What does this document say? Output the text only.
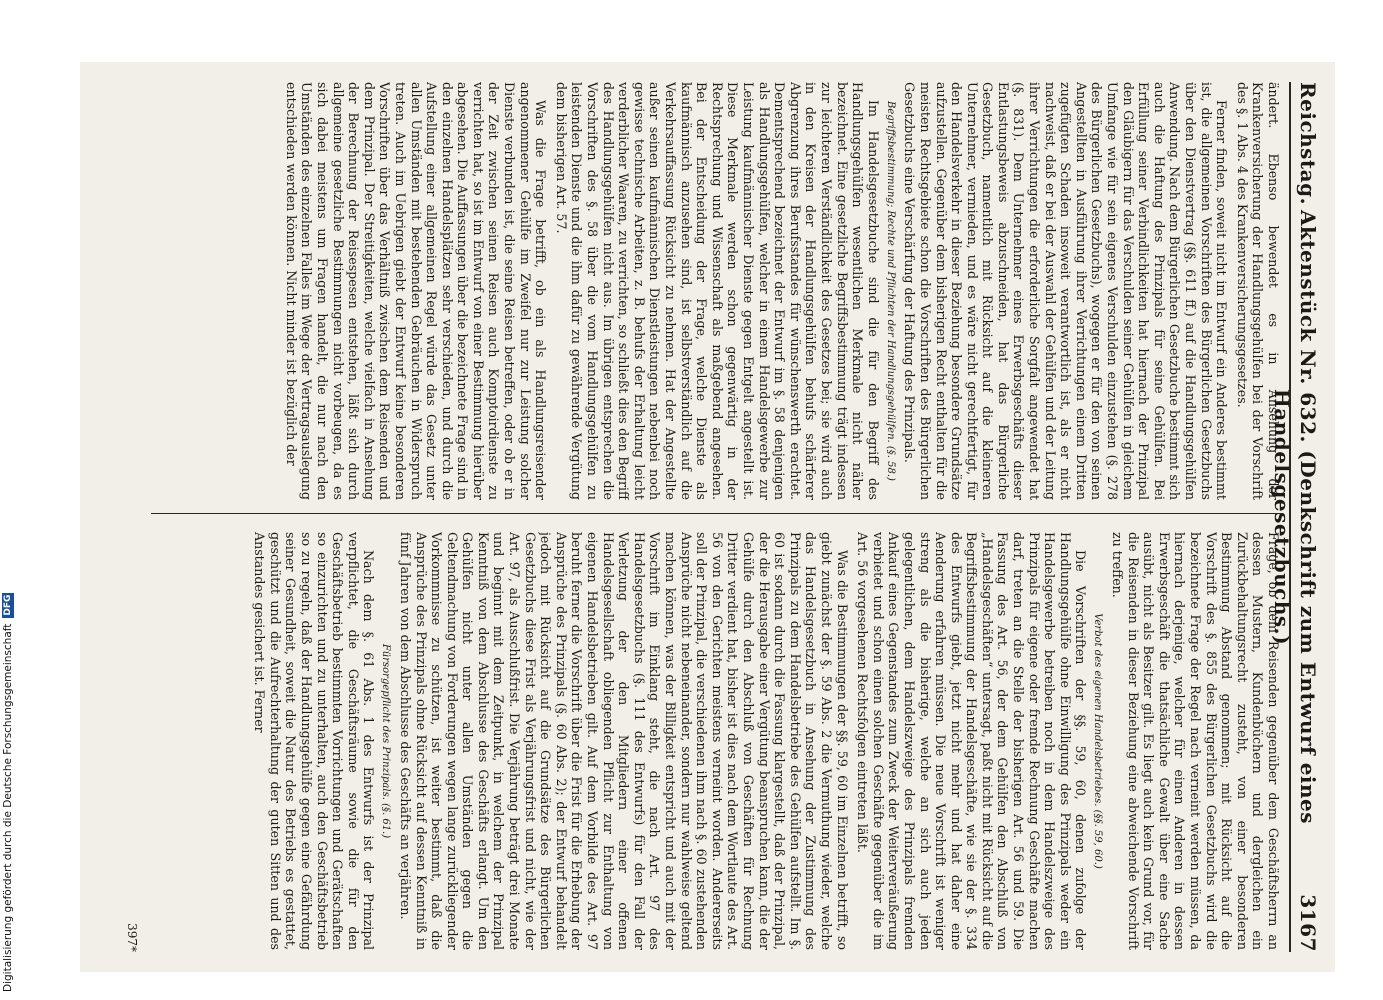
Reichstag.
Aktenstück Nr. 632. (Denkschrift zum Entwurf eines Handelsgesetzbuchs.)
3167

ändert. Ebenso bewendet es in Ansehung der Krankenversicherung der Handlungsgehülfen bei der Vorschrift des §. 1 Abs. 4 des Krankenversicherungsgesetzes.

Ferner finden, soweit nicht im Entwurf ein Anderes bestimmt ist, die allgemeinen Vorschriften des Bürgerlichen Gesetzbuchs über den Dienstvertrag (§§. 611 ff.) auf die Handlungsgehülfen Anwendung. Nach dem Bürgerlichen Gesetzbuche bestimmt sich auch die Haftung des Prinzipals für seine Gehülfen. Bei Erfüllung seiner Verbindlichkeiten hat hiernach der Prinzipal den Gläubigern für das Verschulden seiner Gehülfen in gleichem Umfange wie für sein eigenes Verschulden einzustehen (§. 278 des Bürgerlichen Gesetzbuchs), wogegen er für den von seinen Angestellten in Ausführung ihrer Verrichtungen einem Dritten zugefügten Schaden insoweit verantwortlich ist, als er nicht nachweist, daß er bei der Auswahl der Gehülfen und der Leitung ihrer Verrichtungen die erforderliche Sorgfalt angewendet hat (§. 831). Dem Unternehmer eines Erwerbsgeschäfts dieser Entlastungsbeweis abzuschneiden, hat das Bürgerliche Gesetzbuch, namentlich mit Rücksicht auf die kleineren Unternehmer, vermieden, und es wäre nicht gerechtfertigt, für den Handelsverkehr in dieser Beziehung besondere Grundsätze aufzustellen. Gegenüber dem bisherigen Recht enthalten für die meisten Rechtsgebiete schon die Vorschriften des Bürgerlichen Gesetzbuchs eine Verschärfung der Haftung des Prinzipals.

Begriffsbestimmung; Rechte und Pflichten der Handlungsgehülfen. (§. 58.)

Im Handelsgesetzbuche sind die für den Begriff des Handlungsgehülfen wesentlichen Merkmale nicht näher bezeichnet. Eine gesetzliche Begriffsbestimmung trägt indessen zur leichteren Verständlichkeit des Gesetzes bei; sie wird auch in den Kreisen der Handlungsgehülfen behufs schärferer Abgrenzung ihres Berufsstandes für wünschenswerth erachtet. Dementsprechend bezeichnet der Entwurf im §. 58 denjenigen als Handlungsgehülfen, welcher in einem Handelsgewerbe zur Leistung kaufmännischer Dienste gegen Entgelt angestellt ist. Diese Merkmale werden schon gegenwärtig in der Rechtsprechung und Wissenschaft als maßgebend angesehen. Bei der Entscheidung der Frage, welche Dienste als kaufmännisch anzusehen sind, ist selbstverständlich auf die Verkehrsauffassung Rücksicht zu nehmen. Hat der Angestellte außer seinen kaufmännischen Dienstleistungen nebenbei noch gewisse technische Arbeiten, z. B. behufs der Erhaltung leicht verderblicher Waaren, zu verrichten, so schließt dies den Begriff des Handlungsgehülfen nicht aus. Im übrigen entsprechen die Vorschriften des §. 58 über die vom Handlungsgehülfen zu leistenden Dienste und die ihm dafür zu gewährende Vergütung dem bisherigen Art. 57.

Was die Frage betrifft, ob ein als Handlungsreisender angenommener Gehülfe im Zweifel nur zur Leistung solcher Dienste verbunden ist, die seine Reisen betreffen, oder ob er in der Zeit zwischen seinen Reisen auch Komptoirdienste zu verrichten hat, so ist im Entwurf von einer Bestimmung hierüber abgesehen. Die Auffassungen über die bezeichnete Frage sind in den einzelnen Handelsplätzen sehr verschieden, und durch die Aufstellung einer allgemeinen Regel würde das Gesetz unter allen Umständen mit bestehenden Gebräuchen in Widerspruch treten. Auch im Uebrigen giebt der Entwurf keine besonderen Vorschriften über das Verhältniß zwischen dem Reisenden und dem Prinzipal. Der Streitigkeiten, welche vielfach in Ansehung der Berechnung der Reisespesen entstehen, läßt sich durch allgemeine gesetzliche Bestimmungen nicht vorbeugen, da es sich dabei meistens um Fragen handelt, die nur nach den Umständen des einzelnen Falles im Wege der Vertragsauslegung entschieden werden können. Nicht minder ist bezüglich der

Frage, ob dem Reisenden gegenüber dem Geschäftsherrn an dessen Mustern, Kundenbüchern und dergleichen ein Zurückbehaltungsrecht zusteht, von einer besonderen Bestimmung Abstand genommen; mit Rücksicht auf die Vorschrift des §. 855 des Bürgerlichen Gesetzbuchs wird die bezeichnete Frage der Regel nach verneint werden müssen, da hiernach derjenige, welcher für einen Anderen in dessen Erwerbsgeschäft die thatsächliche Gewalt über eine Sache ausübt, nicht als Besitzer gilt. Es liegt auch kein Grund vor, für die Reisenden in dieser Beziehung eine abweichende Vorschrift zu treffen.

Verbot des eigenen Handelsbetriebes. (§§. 59, 60.)

Die Vorschriften der §§. 59, 60, denen zufolge der Handlungsgehülfe ohne Einwilligung des Prinzipals weder ein Handelsgewerbe betreiben noch in dem Handelszweige des Prinzipals für eigene oder fremde Rechnung Geschäfte machen darf, treten an die Stelle der bisherigen Art. 56 und 59. Die Fassung des Art. 56, der dem Gehülfen den Abschluß von „Handelsgeschäften“ untersagt, paßt nicht mit Rücksicht auf die Begriffsbestimmung der Handelsgeschäfte, wie sie der §. 334 des Entwurfs giebt, jetzt nicht mehr und hat daher eine Aenderung erfahren müssen. Die neue Vorschrift ist weniger streng als die bisherige, welche an sich auch jeden gelegentlichen, dem Handelszweige des Prinzipals fremden Ankauf eines Gegenstandes zum Zweck der Weiterveräußerung verbietet und schon einen solchen Geschäfte gegenüber die im Art. 56 vorgesehenen Rechtsfolgen eintreten läßt.

Was die Bestimmungen der §§. 59, 60 im Einzelnen betrifft, so giebt zunächst der §. 59 Abs. 2 die Vermuthung wieder, welche das Handelsgesetzbuch in Ansehung der Zustimmung des Prinzipals zu dem Handelsbetriebe des Gehülfen aufstellt. Im §. 60 ist sodann durch die Fassung klargestellt, daß der Prinzipal, der die Herausgabe einer Vergütung beanspruchen kann, die der Gehülfe durch den Abschluß von Geschäften für Rechnung Dritter verdient hat, bisher ist dies nach dem Wortlaute des Art. 56 von den Gerichten meistens verneint worden. Andererseits soll der Prinzipal, die verschiedenen ihm nach §. 60 zustehenden Ansprüche nicht nebeneinander, sondern nur wahlweise geltend machen können, was der Billigkeit entspricht und auch mit der Vorschrift im Einklang steht, die nach Art. 97 des Handelsgesetzbuchs (§. 111 des Entwurfs) für den Fall der Verletzung der den Mitgliedern einer offenen Handelsgesellschaft obliegenden Pflicht zur Enthaltung von eigenen Handelsbetrieben gilt. Auf dem Vorbilde des Art. 97 beruht ferner die Vorschrift über die Frist für die Erhebung der Ansprüche des Prinzipals (§. 60 Abs. 2); der Entwurf behandelt jedoch mit Rücksicht auf die Grundsätze des Bürgerlichen Gesetzbuchs diese Frist als Verjährungsfrist und nicht, wie der Art. 97, als Ausschlußfrist. Die Verjährung beträgt drei Monate und beginnt mit dem Zeitpunkt, in welchem der Prinzipal Kenntniß von dem Abschlusse des Geschäfts erlangt. Um den Gehülfen nicht unter allen Umständen gegen die Geltendmachung von Forderungen wegen lange zurückliegender Vorkommnisse zu schützen, ist weiter bestimmt, daß die Ansprüche des Prinzipals ohne Rücksicht auf dessen Kenntniß in fünf Jahren von dem Abschlusse des Geschäfts an verjähren.

Fürsorgepflicht des Prinzipals. (§. 61.)

Nach dem §. 61 Abs. 1 des Entwurfs ist der Prinzipal verpflichtet, die Geschäftsräume sowie die für den Geschäftsbetrieb bestimmten Vorrichtungen und Gerätschaften so einzurichten und zu unterhalten, auch den Geschäftsbetrieb so zu regeln, daß der Handlungsgehülfe gegen eine Gefährdung seiner Gesundheit, soweit die Natur des Betriebs es gestattet, geschützt und die Aufrechterhaltung der guten Sitten und des Anstandes gesichert ist. Ferner

397*
Digitalisierung gefördert durch die Deutsche ForschungsgemeinschaftDFG
